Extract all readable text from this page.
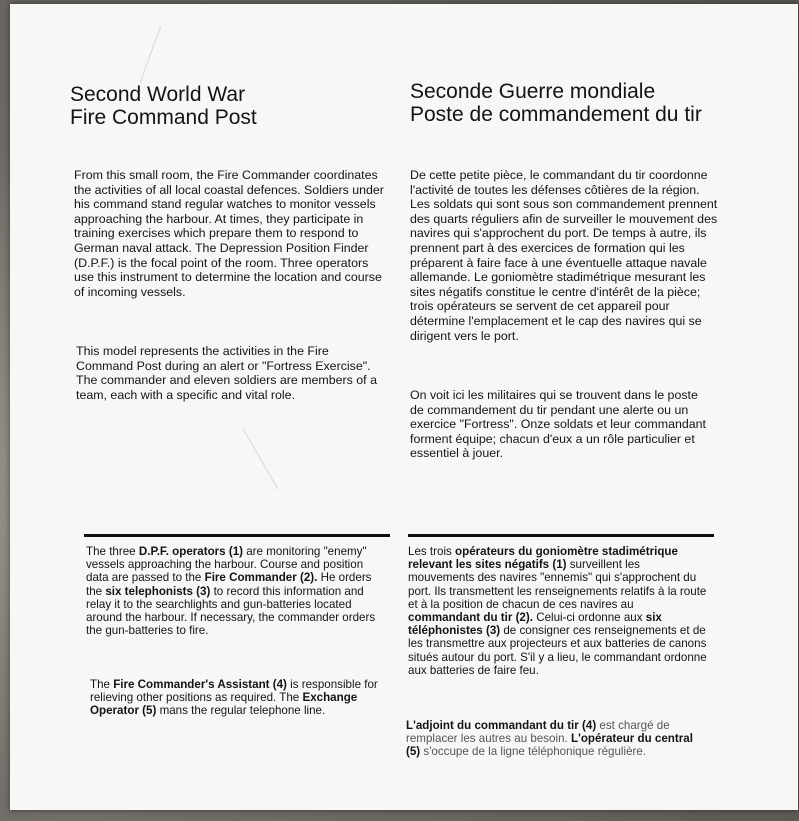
Second World War
Fire Command Post
Seconde Guerre mondiale
Poste de commandement du tir

From this small room, the Fire Commander coordinates the activities of all local coastal defences. Soldiers under his command stand regular watches to monitor vessels approaching the harbour. At times, they participate in training exercises which prepare them to respond to German naval attack. The Depression Position Finder (D.P.F.) is the focal point of the room. Three operators use this instrument to determine the location and course of incoming vessels.

De cette petite pièce, le commandant du tir coordonne l'activité de toutes les défenses côtières de la région. Les soldats qui sont sous son commandement prennent des quarts réguliers afin de surveiller le mouvement des navires qui s'approchent du port. De temps à autre, ils prennent part à des exercices de formation qui les préparent à faire face à une éventuelle attaque navale allemande. Le goniomètre stadimétrique mesurant les sites négatifs constitue le centre d'intérêt de la pièce; trois opérateurs se servent de cet appareil pour détermine l'emplacement et le cap des navires qui se dirigent vers le port.

This model represents the activities in the Fire Command Post during an alert or "Fortress Exercise". The commander and eleven soldiers are members of a team, each with a specific and vital role.	On voit ici les militaires qui se trouvent dans le poste de commandement du tir pendant une alerte ou un exercice "Fortress". Onze soldats et leur commandant forment équipe; chacun d'eux a un rôle particulier et essentiel à jouer.

The three D.P.F. operators (1) are monitoring "enemy" vessels approaching the harbour. Course and position data are passed to the Fire Commander (2). He orders the six telephonists (3) to record this information and relay it to the searchlights and gun-batteries located around the harbour. If necessary, the commander orders the gun-batteries to fire.

The Fire Commander's Assistant (4) is responsible for relieving other positions as required. The Exchange Operator (5) mans the regular telephone line.

Les trois opérateurs du goniomètre stadimétrique relevant les sites négatifs (1) surveillent les mouvements des navires "ennemis" qui s'approchent du port. Ils transmettent les renseignements relatifs à la route et à la position de chacun de ces navires au commandant du tir (2). Celui-ci ordonne aux six téléphonistes (3) de consigner ces renseignements et de les transmettre aux projecteurs et aux batteries de canons situés autour du port. S'il y a lieu, le commandant ordonne aux batteries de faire feu.

L'adjoint du commandant du tir (4) est chargé de remplacer les autres au besoin. L'opérateur du central (5) s'occupe de la ligne téléphonique régulière.
